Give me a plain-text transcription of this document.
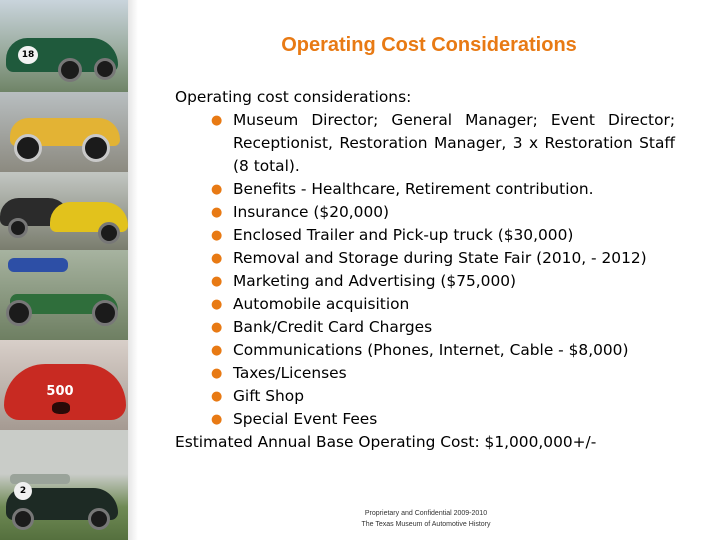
18
500
2
Operating Cost Considerations
Operating cost considerations:
● Museum Director; General Manager; Event Director; Receptionist, Restoration Manager, 3 x Restoration Staff (8 total).
● Benefits - Healthcare, Retirement contribution.
● Insurance ($20,000)
● Enclosed Trailer and Pick-up truck ($30,000)
● Removal and Storage during State Fair (2010, - 2012)
● Marketing and Advertising ($75,000)
● Automobile acquisition
● Bank/Credit Card Charges
● Communications (Phones, Internet, Cable - $8,000)
● Taxes/Licenses
● Gift Shop
● Special Event Fees
Estimated Annual Base Operating Cost: $1,000,000+/-
Proprietary and Confidential 2009-2010
The Texas Museum of Automotive History
